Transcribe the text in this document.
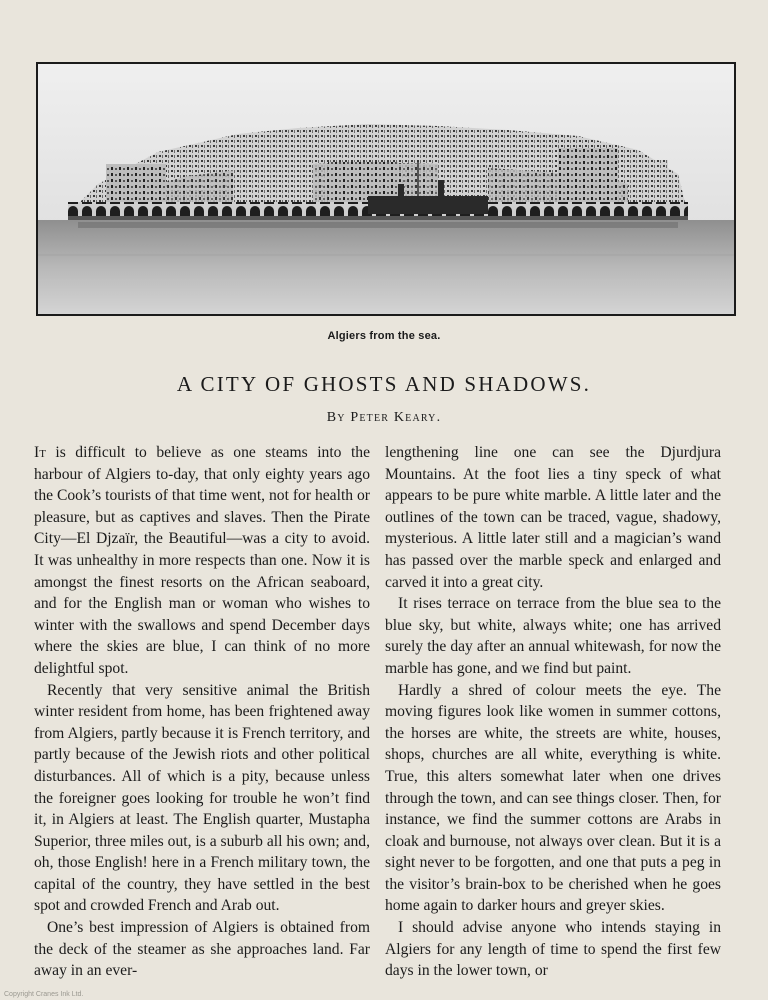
Algiers from the sea.
A CITY OF GHOSTS AND SHADOWS.
By Peter Keary.

It is difficult to believe as one steams into the harbour of Algiers to-day, that only eighty years ago the Cook’s tourists of that time went, not for health or pleasure, but as captives and slaves. Then the Pirate City—El Djzaïr, the Beautiful—was a city to avoid. It was unhealthy in more respects than one. Now it is amongst the finest resorts on the African seaboard, and for the English man or woman who wishes to winter with the swallows and spend December days where the skies are blue, I can think of no more delightful spot.

Recently that very sensitive animal the British winter resident from home, has been frightened away from Algiers, partly because it is French territory, and partly because of the Jewish riots and other political disturbances. All of which is a pity, because unless the foreigner goes looking for trouble he won’t find it, in Algiers at least. The English quarter, Mustapha Superior, three miles out, is a suburb all his own; and, oh, those English! here in a French military town, the capital of the country, they have settled in the best spot and crowded French and Arab out.

One’s best impression of Algiers is obtained from the deck of the steamer as she approaches land. Far away in an ever-

lengthening line one can see the Djurdjura Mountains. At the foot lies a tiny speck of what appears to be pure white marble. A little later and the outlines of the town can be traced, vague, shadowy, mysterious. A little later still and a magician’s wand has passed over the marble speck and enlarged and carved it into a great city.

It rises terrace on terrace from the blue sea to the blue sky, but white, always white; one has arrived surely the day after an annual whitewash, for now the marble has gone, and we find but paint.

Hardly a shred of colour meets the eye. The moving figures look like women in summer cottons, the horses are white, the streets are white, houses, shops, churches are all white, everything is white. True, this alters somewhat later when one drives through the town, and can see things closer. Then, for instance, we find the summer cottons are Arabs in cloak and burnouse, not always over clean. But it is a sight never to be forgotten, and one that puts a peg in the visitor’s brain-box to be cherished when he goes home again to darker hours and greyer skies.

I should advise anyone who intends staying in Algiers for any length of time to spend the first few days in the lower town, or

Copyright Cranes Ink Ltd.
